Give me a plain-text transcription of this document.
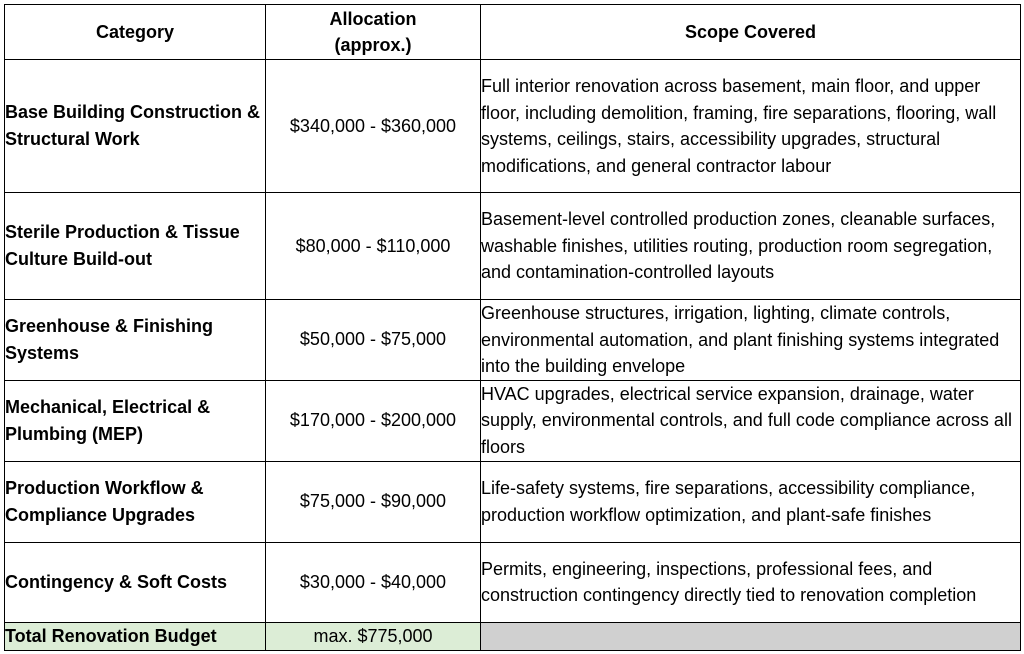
Category	Allocation (approx.)	Scope Covered
Base Building Construction & Structural Work	$340,000 - $360,000	Full interior renovation across basement, main floor, and upper floor, including demolition, framing, fire separations, flooring, wall systems, ceilings, stairs, accessibility upgrades, structural modifications, and general contractor labour
Sterile Production & Tissue Culture Build-out	$80,000 - $110,000	Basement-level controlled production zones, cleanable surfaces, washable finishes, utilities routing, production room segregation, and contamination-controlled layouts
Greenhouse & Finishing Systems	$50,000 - $75,000	Greenhouse structures, irrigation, lighting, climate controls, environmental automation, and plant finishing systems integrated into the building envelope
Mechanical, Electrical & Plumbing (MEP)	$170,000 - $200,000	HVAC upgrades, electrical service expansion, drainage, water supply, environmental controls, and full code compliance across all floors
Production Workflow & Compliance Upgrades	$75,000 - $90,000	Life-safety systems, fire separations, accessibility compliance, production workflow optimization, and plant-safe finishes
Contingency & Soft Costs	$30,000 - $40,000	Permits, engineering, inspections, professional fees, and construction contingency directly tied to renovation completion
Total Renovation Budget	max. $775,000	
